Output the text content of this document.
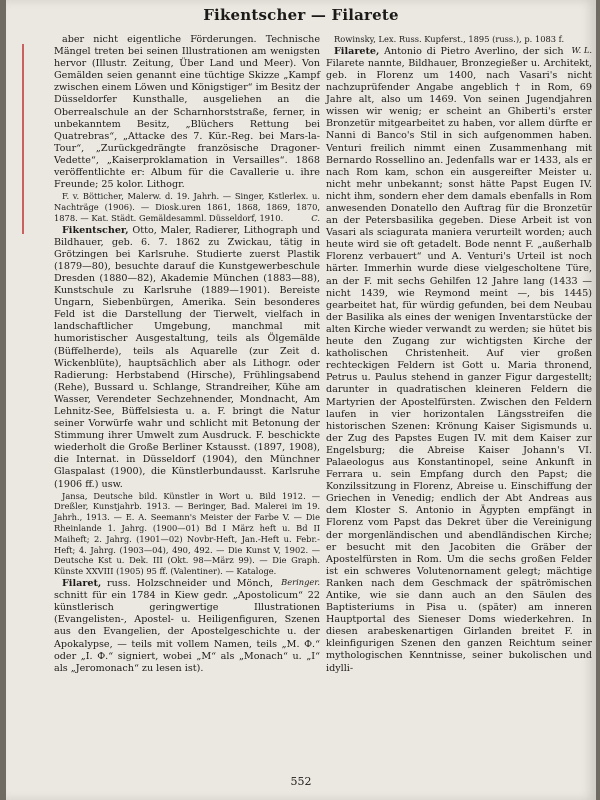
Fikentscher — Filarete

aber nicht eigentliche Förderungen. Technische Mängel treten bei seinen Illustrationen am wenigsten hervor (Illustr. Zeitung, Über Land und Meer). Von Gemälden seien genannt eine tüchtige Skizze „Kampf zwischen einem Löwen und Königstiger“ im Besitz der Düsseldorfer Kunsthalle, ausgeliehen an die Oberrealschule an der Scharnhorststraße, ferner, in unbekanntem Besitz, „Blüchers Rettung bei Quatrebras“, „Attacke des 7. Kür.-Reg. bei Mars-la-Tour“, „Zurückgedrängte französische Dragoner-Vedette“, „Kaiserproklamation in Versailles“. 1868 veröffentlichte er: Album für die Cavallerie u. ihre Freunde; 25 kolor. Lithogr.

F. v. Bötticher, Malerw. d. 19. Jahrh. — Singer, Kstlerlex. u. Nachträge (1906). — Diosk.uren 1861, 1868, 1869, 1870, 1878. — Kat. Städt. Gemäldesamml. Düsseldorf, 1910.	C.

Fikentscher, Otto, Maler, Radierer, Lithograph und Bildhauer, geb. 6. 7. 1862 zu Zwickau, tätig in Grötzingen bei Karlsruhe. Studierte zuerst Plastik (1879—80), besuchte darauf die Kunstgewerbeschule Dresden (1880—82), Akademie München (1883—88), Kunstschule zu Karlsruhe (1889—1901). Bereiste Ungarn, Siebenbürgen, Amerika. Sein besonderes Feld ist die Darstellung der Tierwelt, vielfach in landschaftlicher Umgebung, manchmal mit humoristischer Ausgestaltung, teils als Ölgemälde (Büffelherde), teils als Aquarelle (zur Zeit d. Wickenblüte), hauptsächlich aber als Lithogr. oder Radierung: Herbstabend (Hirsche), Frühlingsabend (Rehe), Bussard u. Schlange, Strandreiher, Kühe am Wasser, Verendeter Sechzehnender, Mondnacht, Am Lehnitz-See, Büffelsiesta u. a. F. bringt die Natur seiner Vorwürfe wahr und schlicht mit Betonung der Stimmung ihrer Umwelt zum Ausdruck. F. beschickte wiederholt die Große Berliner Kstausst. (1897, 1908), die Internat. in Düsseldorf (1904), den Münchner Glaspalast (1900), die Künstlerbundausst. Karlsruhe (1906 ff.) usw.

Jansa, Deutsche bild. Künstler in Wort u. Bild 1912. — Dreßler, Kunstjahrb. 1913. — Beringer, Bad. Malerei im 19. Jahrh., 1913. — E. A. Seemann's Meister der Farbe V. — Die Rheinlande 1. Jahrg. (1900—01) Bd I März heft u. Bd II Maiheft; 2. Jahrg. (1901—02) Novbr-Heft, Jan.-Heft u. Febr.-Heft; 4. Jahrg. (1903—04), 490, 492. — Die Kunst V, 1902. — Deutsche Kst u. Dek. III (Okt. 98—März 99). — Die Graph. Künste XXVIII (1905) 95 ff. (Valentiner). — Kataloge.
Beringer.

Filaret, russ. Holzschneider und Mönch, schnitt für ein 1784 in Kiew gedr. „Apostolicum“ 22 künstlerisch geringwertige Illustrationen (Evangelisten-, Apostel- u. Heiligenfiguren, Szenen aus den Evangelien, der Apostelgeschichte u. der Apokalypse, — teils mit vollem Namen, teils „M. Ф.“ oder „I. Ф.“ signiert, wobei „M“ als „Monach“ u. „I“ als „Jeromonach“ zu lesen ist).

Rowinsky, Lex. Russ. Kupferst., 1895 (russ.), p. 1083 f.
W. L.

Filarete, Antonio di Pietro Averlino, der sich Filarete nannte, Bildhauer, Bronzegießer u. Architekt, geb. in Florenz um 1400, nach Vasari's nicht nachzuprüfender Angabe angeblich † in Rom, 69 Jahre alt, also um 1469. Von seinen Jugendjahren wissen wir wenig; er scheint an Ghiberti's erster Bronzetür mitgearbeitet zu haben, vor allem dürfte er Nanni di Banco's Stil in sich aufgenommen haben. Venturi freilich nimmt einen Zusammenhang mit Bernardo Rossellino an. Jedenfalls war er 1433, als er nach Rom kam, schon ein ausgereifter Meister u. nicht mehr unbekannt; sonst hätte Papst Eugen IV. nicht ihm, sondern eher dem damals ebenfalls in Rom anwesenden Donatello den Auftrag für die Bronzetür an der Petersbasilika gegeben. Diese Arbeit ist von Vasari als sciagurata maniera verurteilt worden; auch heute wird sie oft getadelt. Bode nennt F. „außerhalb Florenz verbauert“ und A. Venturi's Urteil ist noch härter. Immerhin wurde diese vielgescholtene Türe, an der F. mit sechs Gehilfen 12 Jahre lang (1433 — nicht 1439, wie Reymond meint —, bis 1445) gearbeitet hat, für würdig gefunden, bei dem Neubau der Basilika als eines der wenigen Inventarstücke der alten Kirche wieder verwandt zu werden; sie hütet bis heute den Zugang zur wichtigsten Kirche der katholischen Christenheit. Auf vier großen rechteckigen Feldern ist Gott u. Maria thronend, Petrus u. Paulus stehend in ganzer Figur dargestellt; darunter in quadratischen kleineren Feldern die Martyrien der Apostelfürsten. Zwischen den Feldern laufen in vier horizontalen Längsstreifen die historischen Szenen: Krönung Kaiser Sigismunds u. der Zug des Papstes Eugen IV. mit dem Kaiser zur Engelsburg; die Abreise Kaiser Johann's VI. Palaeologus aus Konstantinopel, seine Ankunft in Ferrara u. sein Empfang durch den Papst; die Konzilssitzung in Florenz, Abreise u. Einschiffung der Griechen in Venedig; endlich der Abt Andreas aus dem Kloster S. Antonio in Ägypten empfängt in Florenz vom Papst das Dekret über die Vereinigung der morgenländischen und abendländischen Kirche; er besucht mit den Jacobiten die Gräber der Apostelfürsten in Rom. Um die sechs großen Felder ist ein schweres Volutenornament gelegt; mächtige Ranken nach dem Geschmack der spätrömischen Antike, wie sie dann auch an den Säulen des Baptisteriums in Pisa u. (später) am inneren Hauptportal des Sieneser Doms wiederkehren. In diesen arabeskenartigen Girlanden breitet F. in kleinfigurigen Szenen den ganzen Reichtum seiner mythologischen Kenntnisse, seiner bukolischen und idylli-

552
